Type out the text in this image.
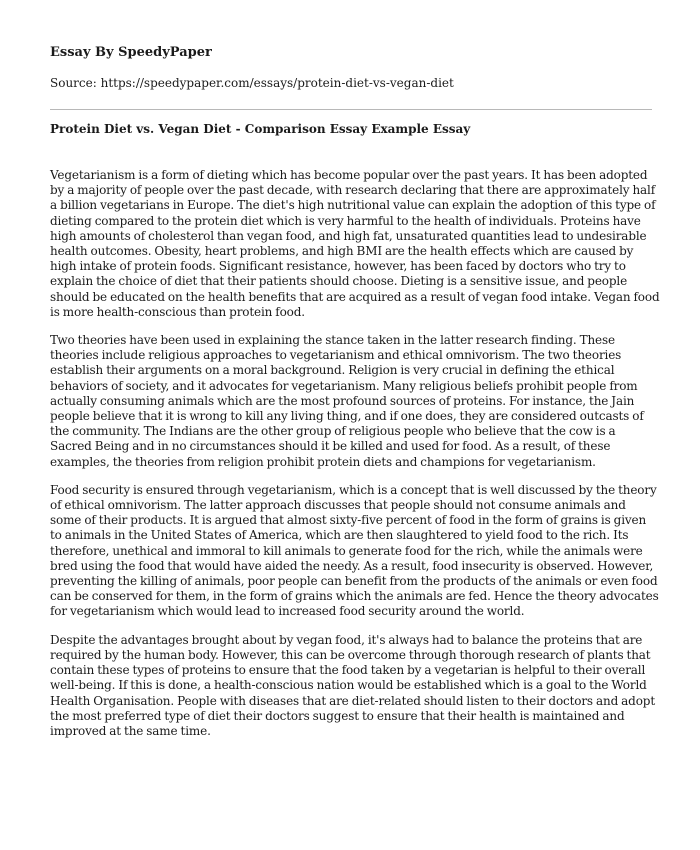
Essay By SpeedyPaper
Source: https://speedypaper.com/essays/protein-diet-vs-vegan-diet
Protein Diet vs. Vegan Diet - Comparison Essay Example Essay

Vegetarianism is a form of dieting which has become popular over the past years. It has been adopted by a majority of people over the past decade, with research declaring that there are approximately half a billion vegetarians in Europe. The diet's high nutritional value can explain the adoption of this type of dieting compared to the protein diet which is very harmful to the health of individuals. Proteins have high amounts of cholesterol than vegan food, and high fat, unsaturated quantities lead to undesirable health outcomes. Obesity, heart problems, and high BMI are the health effects which are caused by high intake of protein foods. Significant resistance, however, has been faced by doctors who try to explain the choice of diet that their patients should choose. Dieting is a sensitive issue, and people should be educated on the health benefits that are acquired as a result of vegan food intake. Vegan food is more health-conscious than protein food.

Two theories have been used in explaining the stance taken in the latter research finding. These theories include religious approaches to vegetarianism and ethical omnivorism. The two theories establish their arguments on a moral background. Religion is very crucial in defining the ethical behaviors of society, and it advocates for vegetarianism. Many religious beliefs prohibit people from actually consuming animals which are the most profound sources of proteins. For instance, the Jain people believe that it is wrong to kill any living thing, and if one does, they are considered outcasts of the community. The Indians are the other group of religious people who believe that the cow is a Sacred Being and in no circumstances should it be killed and used for food. As a result, of these examples, the theories from religion prohibit protein diets and champions for vegetarianism.

Food security is ensured through vegetarianism, which is a concept that is well discussed by the theory of ethical omnivorism. The latter approach discusses that people should not consume animals and some of their products. It is argued that almost sixty-five percent of food in the form of grains is given to animals in the United States of America, which are then slaughtered to yield food to the rich. Its therefore, unethical and immoral to kill animals to generate food for the rich, while the animals were bred using the food that would have aided the needy. As a result, food insecurity is observed. However, preventing the killing of animals, poor people can benefit from the products of the animals or even food can be conserved for them, in the form of grains which the animals are fed. Hence the theory advocates for vegetarianism which would lead to increased food security around the world.

Despite the advantages brought about by vegan food, it's always had to balance the proteins that are required by the human body. However, this can be overcome through thorough research of plants that contain these types of proteins to ensure that the food taken by a vegetarian is helpful to their overall well-being. If this is done, a health-conscious nation would be established which is a goal to the World Health Organisation. People with diseases that are diet-related should listen to their doctors and adopt the most preferred type of diet their doctors suggest to ensure that their health is maintained and improved at the same time.
